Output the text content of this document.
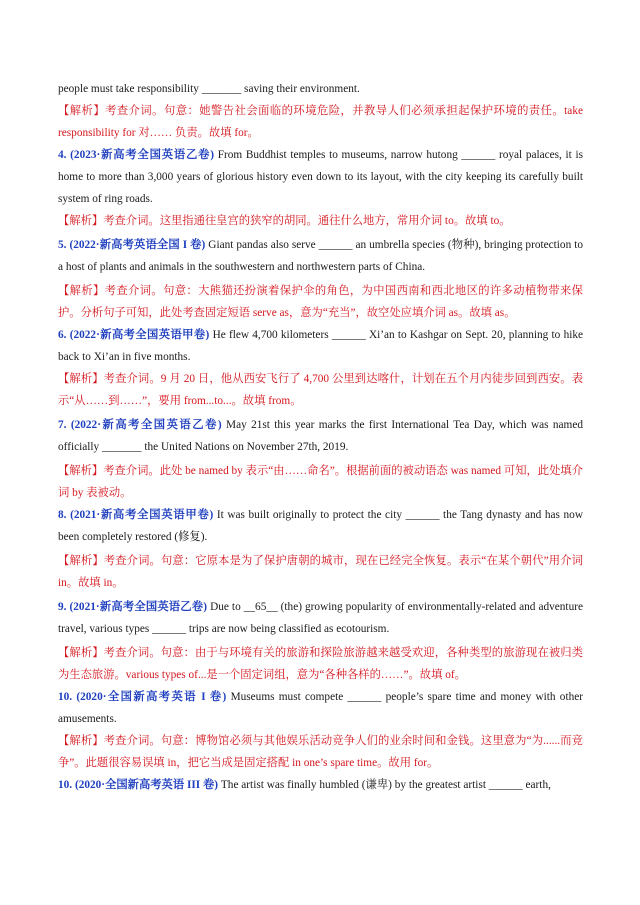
people must take responsibility _______ saving their environment.

【解析】考查介词。句意：她警告社会面临的环境危险，并教导人们必须承担起保护环境的责任。take responsibility for 对…… 负责。故填 for。

4. (2023·新高考全国英语乙卷) From Buddhist temples to museums, narrow hutong ______ royal palaces, it is home to more than 3,000 years of glorious history even down to its layout, with the city keeping its carefully built system of ring roads.

【解析】考查介词。这里指通往皇宫的狭窄的胡同。通往什么地方，常用介词 to。故填 to。

5. (2022·新高考英语全国 I 卷) Giant pandas also serve ______ an umbrella species (物种), bringing protection to a host of plants and animals in the southwestern and northwestern parts of China.

【解析】考查介词。句意：大熊猫还扮演着保护伞的角色，为中国西南和西北地区的许多动植物带来保护。分析句子可知，此处考查固定短语 serve as，意为“充当”，故空处应填介词 as。故填 as。

6. (2022·新高考全国英语甲卷) He flew 4,700 kilometers ______ Xi’an to Kashgar on Sept. 20, planning to hike back to Xi’an in five months.

【解析】考查介词。9 月 20 日，他从西安飞行了 4,700 公里到达喀什，计划在五个月内徒步回到西安。表示“从……到……”，要用 from...to...。故填 from。

7. (2022·新高考全国英语乙卷) May 21st this year marks the first International Tea Day, which was named officially _______ the United Nations on November 27th, 2019.

【解析】考查介词。此处 be named by 表示“由……命名”。根据前面的被动语态 was named 可知，此处填介词 by 表被动。

8. (2021·新高考全国英语甲卷) It was built originally to protect the city ______ the Tang dynasty and has now been completely restored (修复).

【解析】考查介词。句意：它原本是为了保护唐朝的城市，现在已经完全恢复。表示“在某个朝代”用介词 in。故填 in。

9. (2021·新高考全国英语乙卷) Due to __65__ (the) growing popularity of environmentally-related and adventure travel, various types ______ trips are now being classified as ecotourism.

【解析】考查介词。句意：由于与环境有关的旅游和探险旅游越来越受欢迎，各种类型的旅游现在被归类为生态旅游。various types of...是一个固定词组，意为“各种各样的……”。故填 of。

10. (2020·全国新高考英语 I 卷) Museums must compete ______ people’s spare time and money with other amusements.

【解析】考查介词。句意：博物馆必须与其他娱乐活动竞争人们的业余时间和金钱。这里意为“为......而竞争”。此题很容易误填 in，把它当成是固定搭配 in one’s spare time。故用 for。

10. (2020·全国新高考英语 III 卷) The artist was finally humbled (谦卑) by the greatest artist ______ earth,
